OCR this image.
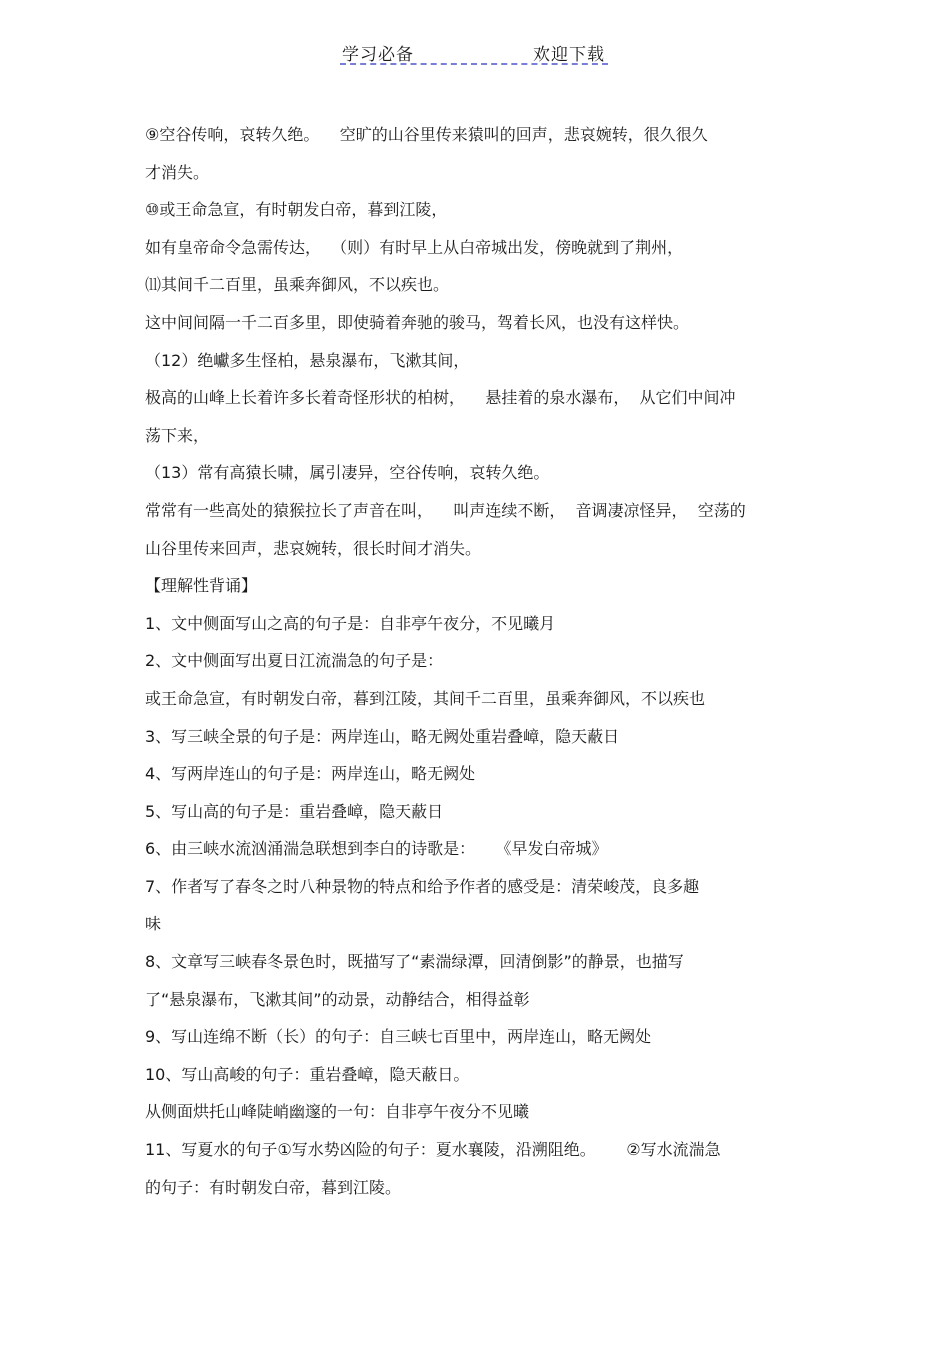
学习必备	欢迎下载
⑨空谷传响，哀转久绝。    空旷的山谷里传来猿叫的回声，悲哀婉转，很久很久
才消失。
⑩或王命急宣，有时朝发白帝，暮到江陵，
如有皇帝命令急需传达，  （则）有时早上从白帝城出发，傍晚就到了荆州，
⑾其间千二百里，虽乘奔御风，不以疾也。
这中间间隔一千二百多里，即使骑着奔驰的骏马，驾着长风，也没有这样快。
（12）绝巘多生怪柏，悬泉瀑布，飞漱其间，
极高的山峰上长着许多长着奇怪形状的柏树，    悬挂着的泉水瀑布，  从它们中间冲
荡下来，
（13）常有高猿长啸，属引凄异，空谷传响，哀转久绝。
常常有一些高处的猿猴拉长了声音在叫，    叫声连续不断，  音调凄凉怪异，  空荡的
山谷里传来回声，悲哀婉转，很长时间才消失。
【理解性背诵】
1、文中侧面写山之高的句子是：自非亭午夜分，不见曦月
2、文中侧面写出夏日江流湍急的句子是：
或王命急宣，有时朝发白帝，暮到江陵，其间千二百里，虽乘奔御风，不以疾也
3、写三峡全景的句子是：两岸连山，略无阙处重岩叠嶂，隐天蔽日
4、写两岸连山的句子是：两岸连山，略无阙处
5、写山高的句子是：重岩叠嶂，隐天蔽日
6、由三峡水流汹涌湍急联想到李白的诗歌是：    《早发白帝城》
7、作者写了春冬之时八种景物的特点和给予作者的感受是：清荣峻茂，良多趣
味
8、文章写三峡春冬景色时，既描写了“素湍绿潭，回清倒影”的静景，也描写
了“悬泉瀑布，飞漱其间”的动景，动静结合，相得益彰
9、写山连绵不断（长）的句子：自三峡七百里中，两岸连山，略无阙处
10、写山高峻的句子：重岩叠嶂，隐天蔽日。
从侧面烘托山峰陡峭幽邃的一句：自非亭午夜分不见曦
11、写夏水的句子①写水势凶险的句子：夏水襄陵，沿溯阻绝。      ②写水流湍急
的句子：有时朝发白帝，暮到江陵。
